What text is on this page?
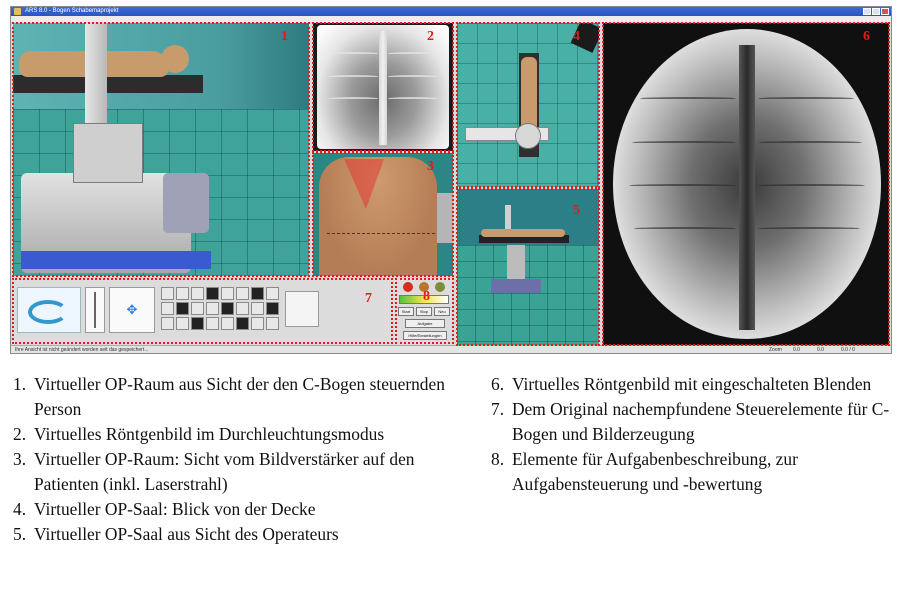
ARS 8.0 - Bogen Schabemaprojekt
✥	Start	Stop	Neu
Aufgabe
Hilfe/Einstellungen
Ihre Ansicht ist nicht geändert worden seit das gespeichert...	Zoom 0.0	0.0	0.0 / 0
1	2
3
4
5
6
7	8
1. Virtueller OP-Raum aus Sicht der den C-Bogen steuernden Person
2. Virtuelles Röntgenbild im Durchleuchtungsmodus
3. Virtueller OP-Raum: Sicht vom Bildverstärker auf den Patienten (inkl. Laserstrahl)
4. Virtueller OP-Saal: Blick von der Decke
5. Virtueller OP-Saal aus Sicht des Operateurs
6. Virtuelles Röntgenbild mit eingeschalteten Blenden
7. Dem Original nachempfundene Steuerelemente für C-Bogen und Bilderzeugung
8. Elemente für Aufgabenbeschreibung, zur Aufgabensteuerung und -bewertung
